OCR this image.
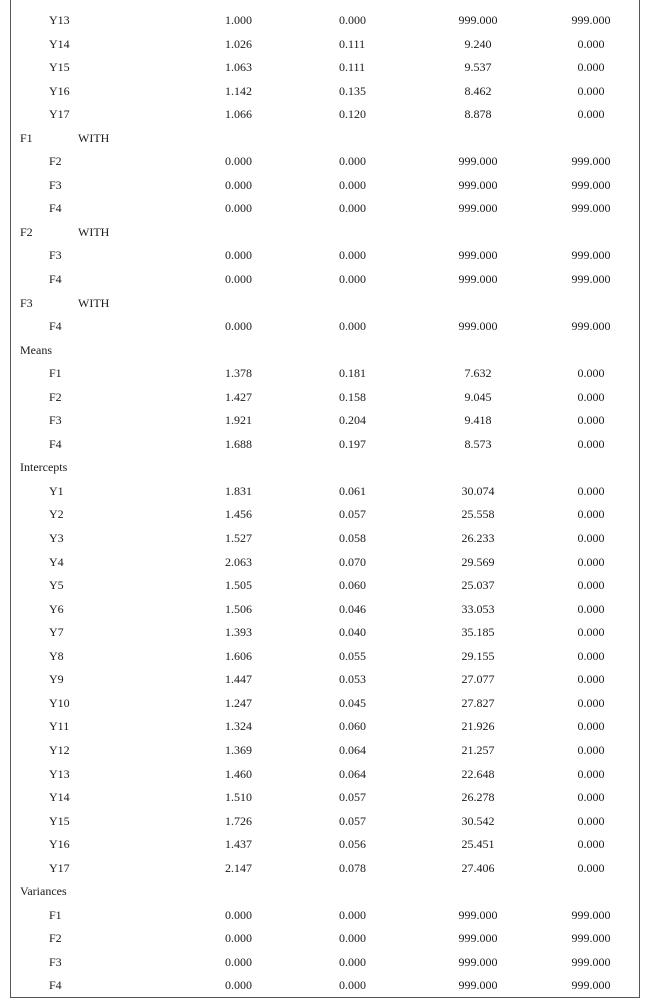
Y13	1.000	0.000	999.000	999.000
Y14	1.026	0.111	9.240	0.000
Y15	1.063	0.111	9.537	0.000
Y16	1.142	0.135	8.462	0.000
Y17	1.066	0.120	8.878	0.000
F1	WITH
F2	0.000	0.000	999.000	999.000
F3	0.000	0.000	999.000	999.000
F4	0.000	0.000	999.000	999.000
F2	WITH
F3	0.000	0.000	999.000	999.000
F4	0.000	0.000	999.000	999.000
F3	WITH
F4	0.000	0.000	999.000	999.000
Means
F1	1.378	0.181	7.632	0.000
F2	1.427	0.158	9.045	0.000
F3	1.921	0.204	9.418	0.000
F4	1.688	0.197	8.573	0.000
Intercepts
Y1	1.831	0.061	30.074	0.000
Y2	1.456	0.057	25.558	0.000
Y3	1.527	0.058	26.233	0.000
Y4	2.063	0.070	29.569	0.000
Y5	1.505	0.060	25.037	0.000
Y6	1.506	0.046	33.053	0.000
Y7	1.393	0.040	35.185	0.000
Y8	1.606	0.055	29.155	0.000
Y9	1.447	0.053	27.077	0.000
Y10	1.247	0.045	27.827	0.000
Y11	1.324	0.060	21.926	0.000
Y12	1.369	0.064	21.257	0.000
Y13	1.460	0.064	22.648	0.000
Y14	1.510	0.057	26.278	0.000
Y15	1.726	0.057	30.542	0.000
Y16	1.437	0.056	25.451	0.000
Y17	2.147	0.078	27.406	0.000
Variances
F1	0.000	0.000	999.000	999.000
F2	0.000	0.000	999.000	999.000
F3	0.000	0.000	999.000	999.000
F4	0.000	0.000	999.000	999.000
